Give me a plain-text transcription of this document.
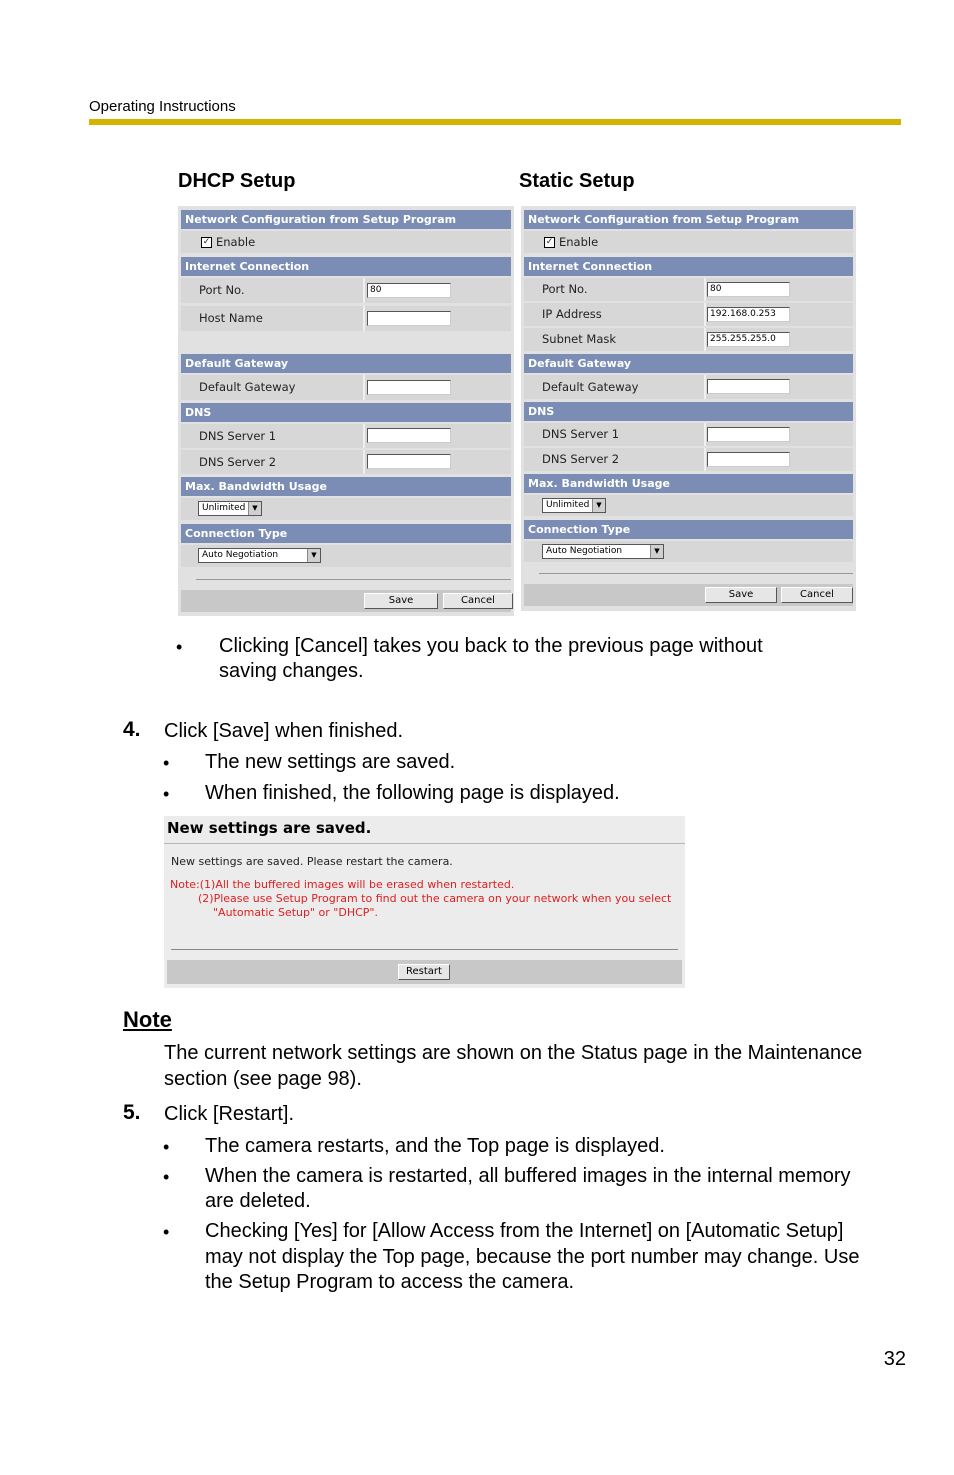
Operating Instructions
DHCP Setup	Static Setup
Network Configuration from Setup Program
✓ Enable
Internet Connection
Port No.	80
Host Name
Default Gateway
Default Gateway
DNS
DNS Server 1
DNS Server 2
Max. Bandwidth Usage
Unlimited ▼
Connection Type
Auto Negotiation	▼
Save	Cancel
Network Configuration from Setup Program
✓ Enable
Internet Connection
Port No.	80
IP Address	192.168.0.253
Subnet Mask	255.255.255.0
Default Gateway
Default Gateway
DNS
DNS Server 1
DNS Server 2
Max. Bandwidth Usage
Unlimited ▼
Connection Type
Auto Negotiation	▼
Save	Cancel
• Clicking [Cancel] takes you back to the previous page without
saving changes.
4. Click [Save] when finished.
• The new settings are saved.
• When finished, the following page is displayed.
New settings are saved.
New settings are saved. Please restart the camera.
Note:(1)All the buffered images will be erased when restarted.
(2)Please use Setup Program to find out the camera on your network when you select
"Automatic Setup" or "DHCP".
Restart
Note
The current network settings are shown on the Status page in the Maintenance
section (see page 98).
5. Click [Restart].
• The camera restarts, and the Top page is displayed.
• When the camera is restarted, all buffered images in the internal memory
are deleted.
• Checking [Yes] for [Allow Access from the Internet] on [Automatic Setup]
may not display the Top page, because the port number may change. Use
the Setup Program to access the camera.
32
